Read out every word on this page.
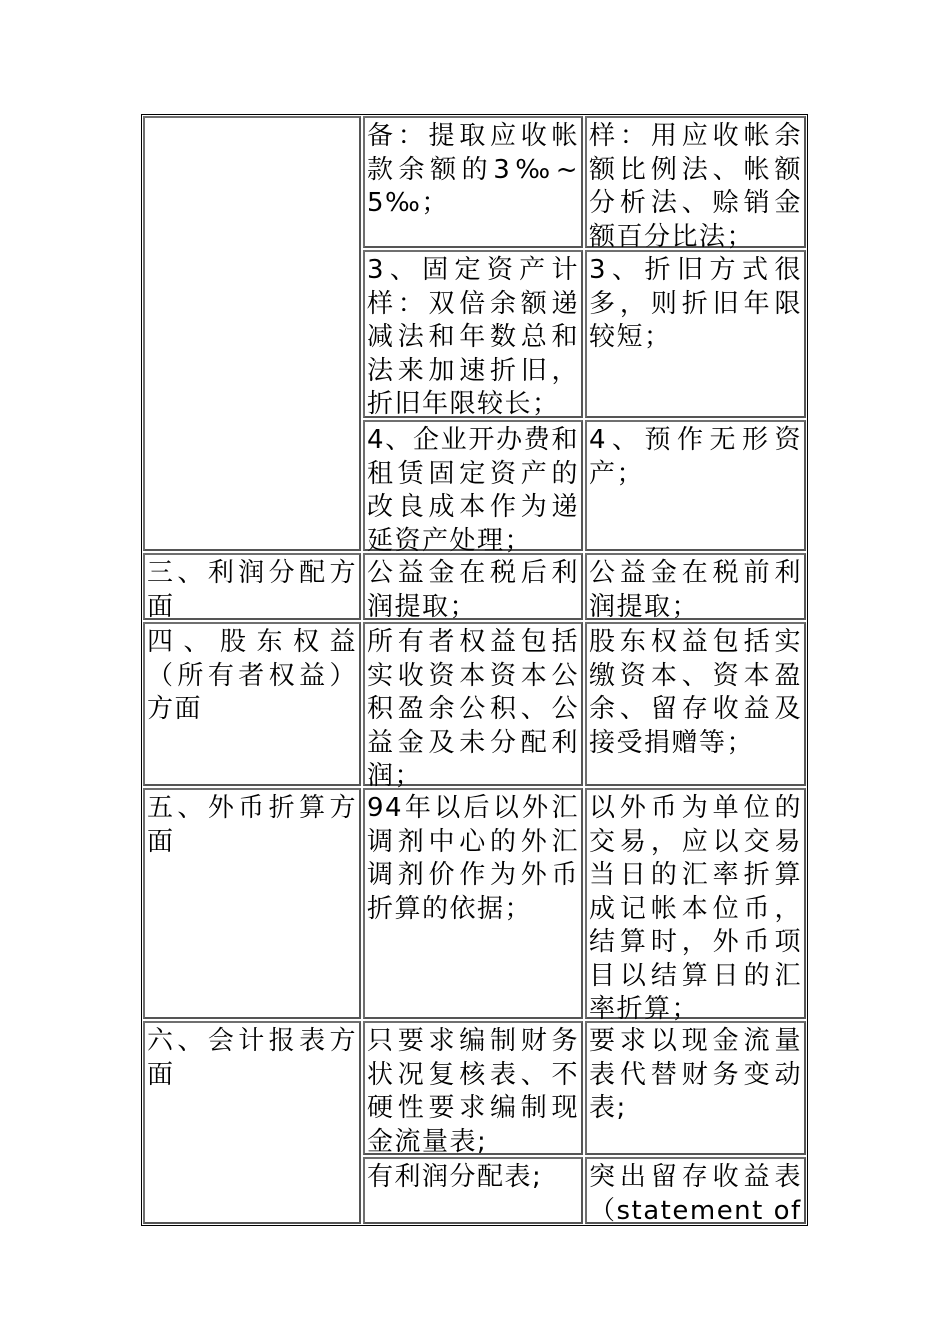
三、利润分配方面
四、股东权益（所有者权益）方面
五、外币折算方面
六、会计报表方面
备：提取应收帐款余额的3‰~5‰；
3、固定资产计样：双倍余额递减法和年数总和法来加速折旧，折旧年限较长；
4、企业开办费和租赁固定资产的改良成本作为递延资产处理；
公益金在税后利润提取；
所有者权益包括实收资本资本公积盈余公积、公益金及未分配利润；
94年以后以外汇调剂中心的外汇调剂价作为外币折算的依据；
只要求编制财务状况复核表、不硬性要求编制现金流量表;
有利润分配表;
样：用应收帐余额比例法、帐额分析法、赊销金额百分比法；
3、折旧方式很多，则折旧年限较短；
4、预作无形资产；
公益金在税前利润提取；
股东权益包括实缴资本、资本盈余、留存收益及接受捐赠等；
以外币为单位的交易，应以交易当日的汇率折算成记帐本位币，结算时，外币项目以结算日的汇率折算；
要求以现金流量表代替财务变动表;
突出留存收益表（statement of
